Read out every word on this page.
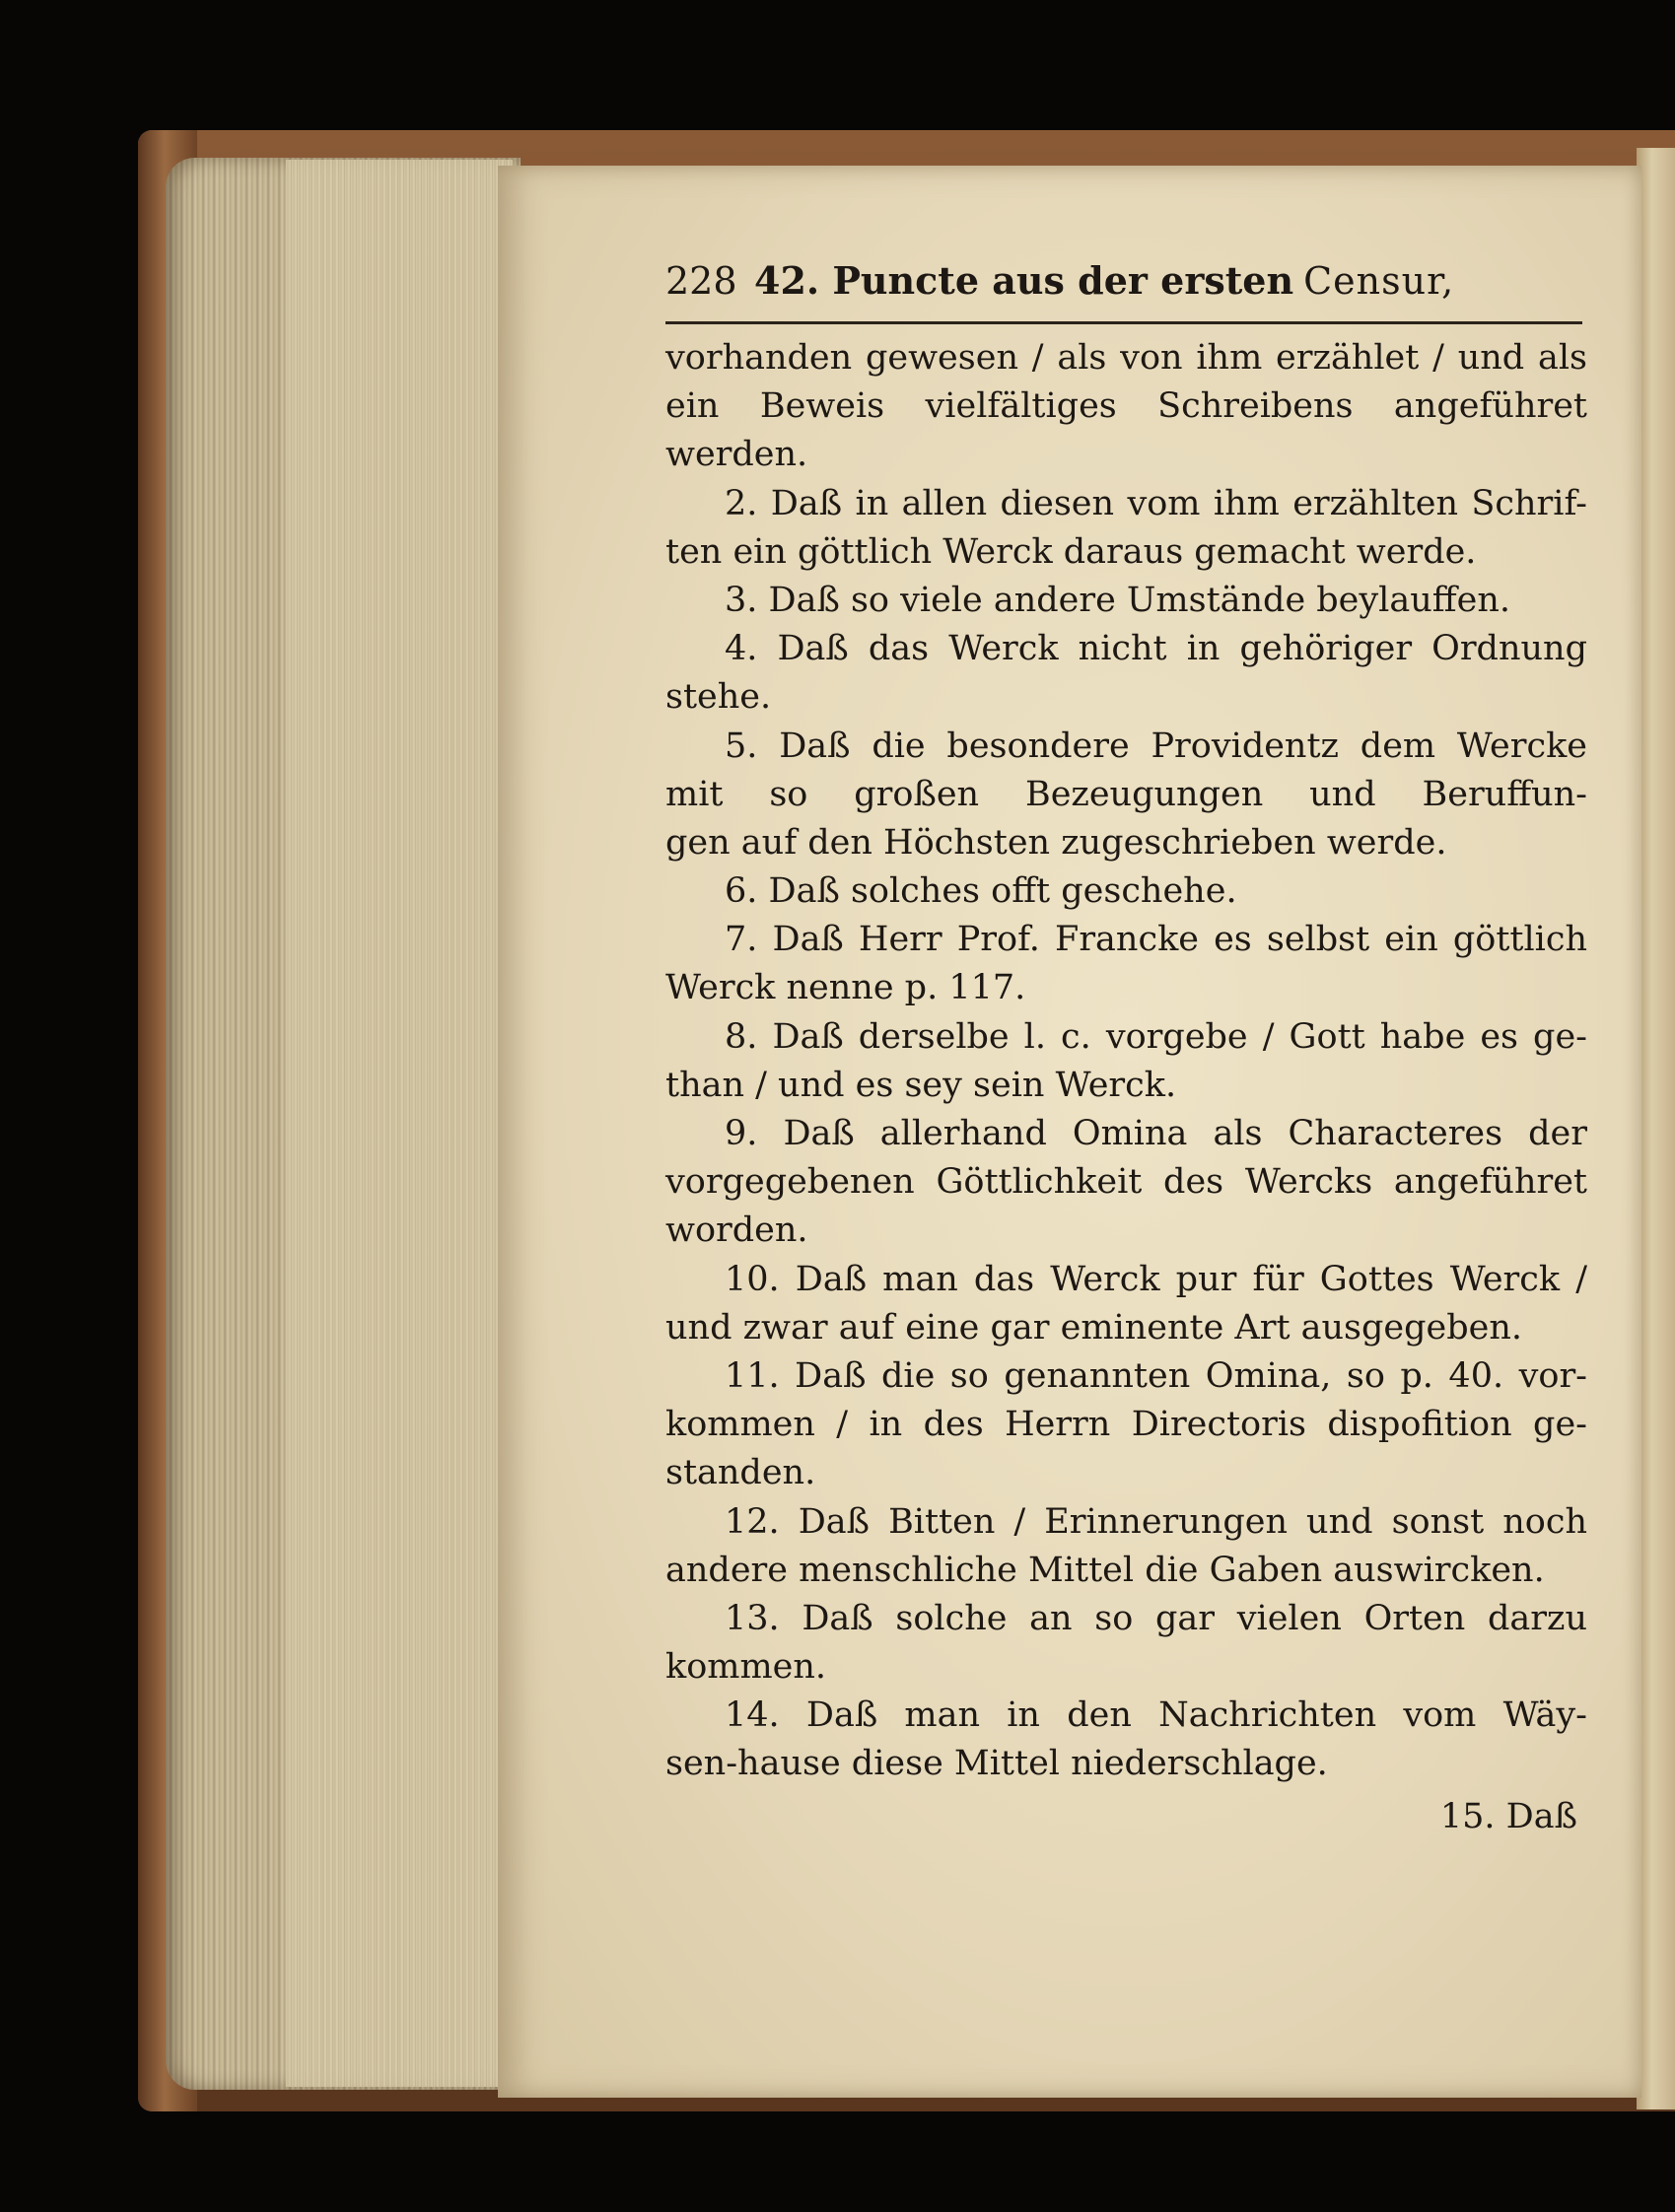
228 42. Puncte aus der ersten Censur,
vorhanden gewesen / als von ihm erzählet / und als
ein Beweis vielfältiges Schreibens angeführet
werden.
2. Daß in allen diesen vom ihm erzählten Schrif-
ten ein göttlich Werck daraus gemacht werde.
3. Daß so viele andere Umstände beylauffen.
4. Daß das Werck nicht in gehöriger Ordnung
stehe.
5. Daß die besondere Providentz dem Wercke
mit so großen Bezeugungen und Beruffun-
gen auf den Höchsten zugeschrieben werde.
6. Daß solches offt geschehe.
7. Daß Herr Prof. Francke es selbst ein göttlich
Werck nenne p. 117.
8. Daß derselbe l. c. vorgebe / Gott habe es ge-
than / und es sey sein Werck.
9. Daß allerhand Omina als Characteres der
vorgegebenen Göttlichkeit des Wercks angeführet
worden.
10. Daß man das Werck pur für Gottes Werck /
und zwar auf eine gar eminente Art ausgegeben.
11. Daß die so genannten Omina, so p. 40. vor-
kommen / in des Herrn Directoris dispofition ge-
standen.
12. Daß Bitten / Erinnerungen und sonst noch
andere menschliche Mittel die Gaben auswircken.
13. Daß solche an so gar vielen Orten darzu
kommen.
14. Daß man in den Nachrichten vom Wäy-
sen-hause diese Mittel niederschlage.
15. Daß
